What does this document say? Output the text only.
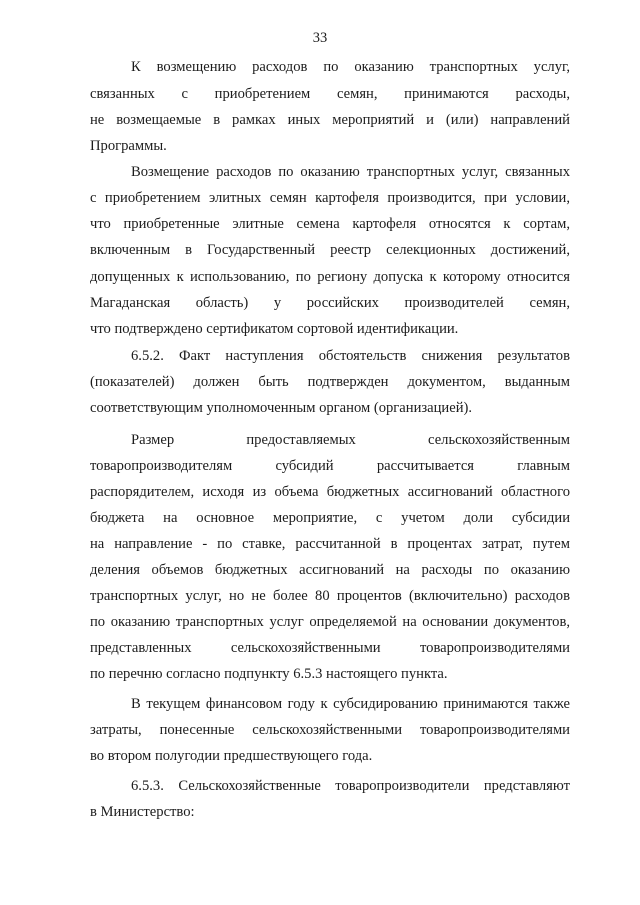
33
К возмещению расходов по оказанию транспортных услуг,
связанных с приобретением семян, принимаются расходы,
не возмещаемые в рамках иных мероприятий и (или) направлений
Программы.
Возмещение расходов по оказанию транспортных услуг, связанных
с приобретением элитных семян картофеля производится, при условии,
что приобретенные элитные семена картофеля относятся к сортам,
включенным в Государственный реестр селекционных достижений,
допущенных к использованию, по региону допуска к которому относится
Магаданская область) у российских производителей семян,
что подтверждено сертификатом сортовой идентификации.
6.5.2. Факт наступления обстоятельств снижения результатов
(показателей) должен быть подтвержден документом, выданным
соответствующим уполномоченным органом (организацией).
Размер предоставляемых сельскохозяйственным
товаропроизводителям субсидий рассчитывается главным
распорядителем, исходя из объема бюджетных ассигнований областного
бюджета на основное мероприятие, с учетом доли субсидии
на направление - по ставке, рассчитанной в процентах затрат, путем
деления объемов бюджетных ассигнований на расходы по оказанию
транспортных услуг, но не более 80 процентов (включительно) расходов
по оказанию транспортных услуг определяемой на основании документов,
представленных сельскохозяйственными товаропроизводителями
по перечню согласно подпункту 6.5.3 настоящего пункта.
В текущем финансовом году к субсидированию принимаются также
затраты, понесенные сельскохозяйственными товаропроизводителями
во втором полугодии предшествующего года.
6.5.3. Сельскохозяйственные товаропроизводители представляют
в Министерство:
